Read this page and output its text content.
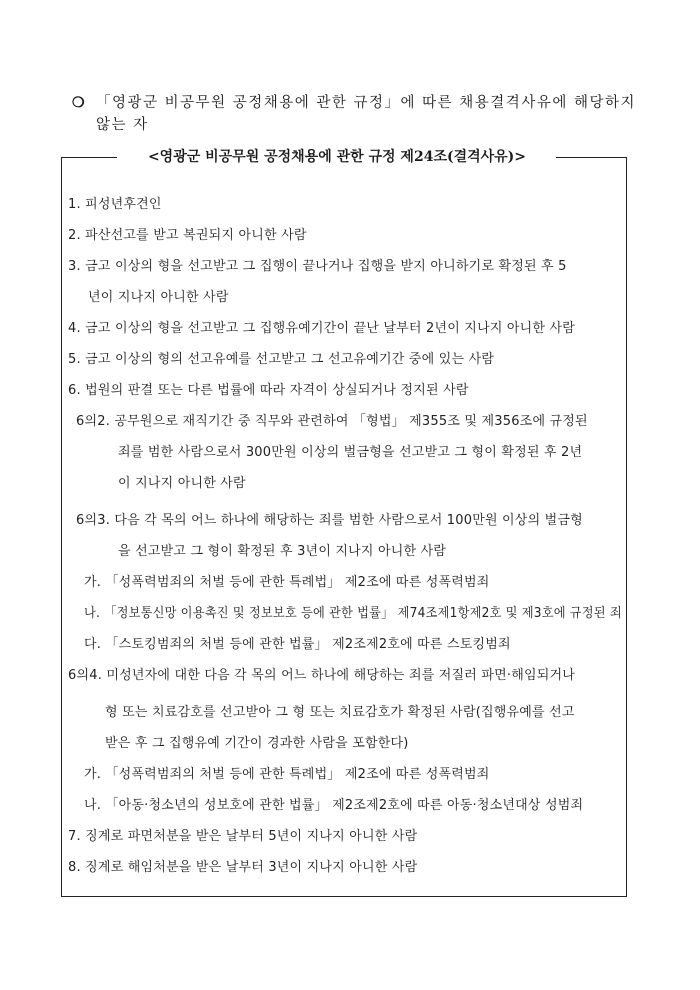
❍ 「영광군 비공무원 공정채용에 관한 규정」에 따른 채용결격사유에 해당하지 않는 자
<영광군 비공무원 공정채용에 관한 규정 제24조(결격사유)>
1. 피성년후견인
2. 파산선고를 받고 복권되지 아니한 사람
3. 금고 이상의 형을 선고받고 그 집행이 끝나거나 집행을 받지 아니하기로 확정된 후 5
년이 지나지 아니한 사람
4. 금고 이상의 형을 선고받고 그 집행유예기간이 끝난 날부터 2년이 지나지 아니한 사람
5. 금고 이상의 형의 선고유예를 선고받고 그 선고유예기간 중에 있는 사람
6. 법원의 판결 또는 다른 법률에 따라 자격이 상실되거나 정지된 사람
6의2. 공무원으로 재직기간 중 직무와 관련하여 「형법」 제355조 및 제356조에 규정된
죄를 범한 사람으로서 300만원 이상의 벌금형을 선고받고 그 형이 확정된 후 2년
이 지나지 아니한 사람
6의3. 다음 각 목의 어느 하나에 해당하는 죄를 범한 사람으로서 100만원 이상의 벌금형
을 선고받고 그 형이 확정된 후 3년이 지나지 아니한 사람
가. 「성폭력범죄의 처벌 등에 관한 특례법」 제2조에 따른 성폭력범죄
나. 「정보통신망 이용촉진 및 정보보호 등에 관한 법률」 제74조제1항제2호 및 제3호에 규정된 죄
다. 「스토킹범죄의 처벌 등에 관한 법률」 제2조제2호에 따른 스토킹범죄
6의4. 미성년자에 대한 다음 각 목의 어느 하나에 해당하는 죄를 저질러 파면·해임되거나
형 또는 치료감호를 선고받아 그 형 또는 치료감호가 확정된 사람(집행유예를 선고
받은 후 그 집행유예 기간이 경과한 사람을 포함한다)
가. 「성폭력범죄의 처벌 등에 관한 특례법」 제2조에 따른 성폭력범죄
나. 「아동·청소년의 성보호에 관한 법률」 제2조제2호에 따른 아동·청소년대상 성범죄
7. 징계로 파면처분을 받은 날부터 5년이 지나지 아니한 사람
8. 징계로 해임처분을 받은 날부터 3년이 지나지 아니한 사람
